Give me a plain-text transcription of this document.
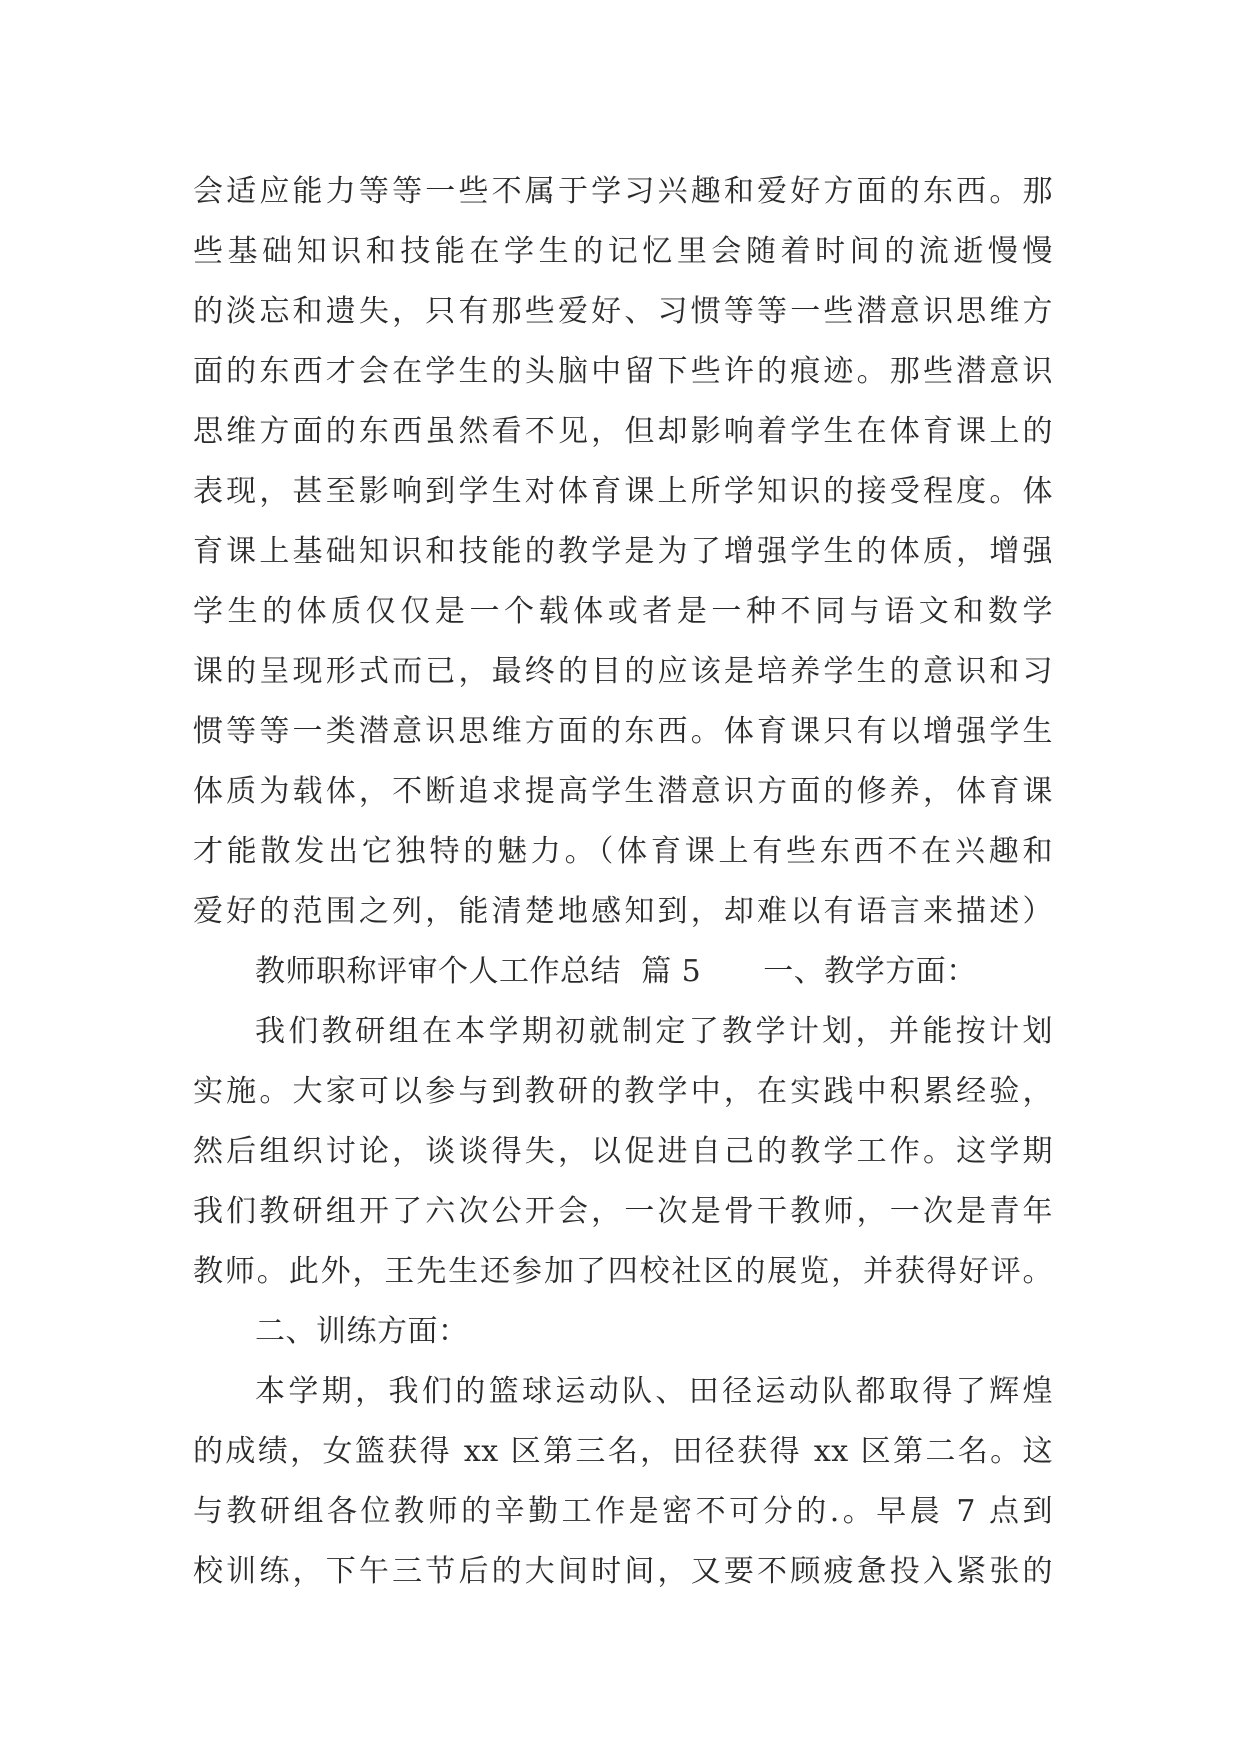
会适应能力等等一些不属于学习兴趣和爱好方面的东西。那
些基础知识和技能在学生的记忆里会随着时间的流逝慢慢
的淡忘和遗失，只有那些爱好、习惯等等一些潜意识思维方
面的东西才会在学生的头脑中留下些许的痕迹。那些潜意识
思维方面的东西虽然看不见，但却影响着学生在体育课上的
表现，甚至影响到学生对体育课上所学知识的接受程度。体
育课上基础知识和技能的教学是为了增强学生的体质，增强
学生的体质仅仅是一个载体或者是一种不同与语文和数学
课的呈现形式而已，最终的目的应该是培养学生的意识和习
惯等等一类潜意识思维方面的东西。体育课只有以增强学生
体质为载体，不断追求提高学生潜意识方面的修养，体育课
才能散发出它独特的魅力。（体育课上有些东西不在兴趣和
爱好的范围之列，能清楚地感知到，却难以有语言来描述）
教师职称评审个人工作总结 篇 5 一、教学方面：
我们教研组在本学期初就制定了教学计划，并能按计划
实施。大家可以参与到教研的教学中，在实践中积累经验，
然后组织讨论，谈谈得失，以促进自己的教学工作。这学期
我们教研组开了六次公开会，一次是骨干教师，一次是青年
教师。此外，王先生还参加了四校社区的展览，并获得好评。
二、训练方面：
本学期，我们的篮球运动队、田径运动队都取得了辉煌
的成绩，女篮获得 xx 区第三名，田径获得 xx 区第二名。这
与教研组各位教师的辛勤工作是密不可分的.。早晨 7 点到
校训练，下午三节后的大间时间，又要不顾疲惫投入紧张的
